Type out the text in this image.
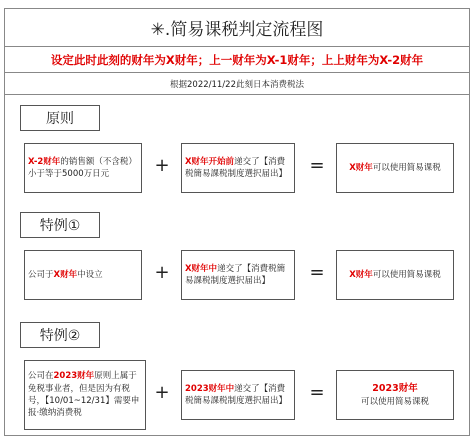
✳︎.简易课税判定流程图
设定此时此刻的财年为X财年；上一财年为X-1财年；上上财年为X-2财年
根据2022/11/22此刻日本消费税法
原则
X-2财年的销售额（不含税）小于等于5000万日元	+ X财年开始前递交了【消費税簡易課税制度選択届出】 =	X财年可以使用简易课税
特例①
公司于X财年中设立	+ X财年中递交了【消費税簡易課税制度選択届出】	=	X财年可以使用简易课税
特例②
公司在2023财年原则上属于免税事业者，但是因为有税号，【10/01~12/31】需要申报·缴纳消费税
+ 2023财年中递交了【消費税簡易課税制度選択届出】 =	2023财年
可以使用简易课税
